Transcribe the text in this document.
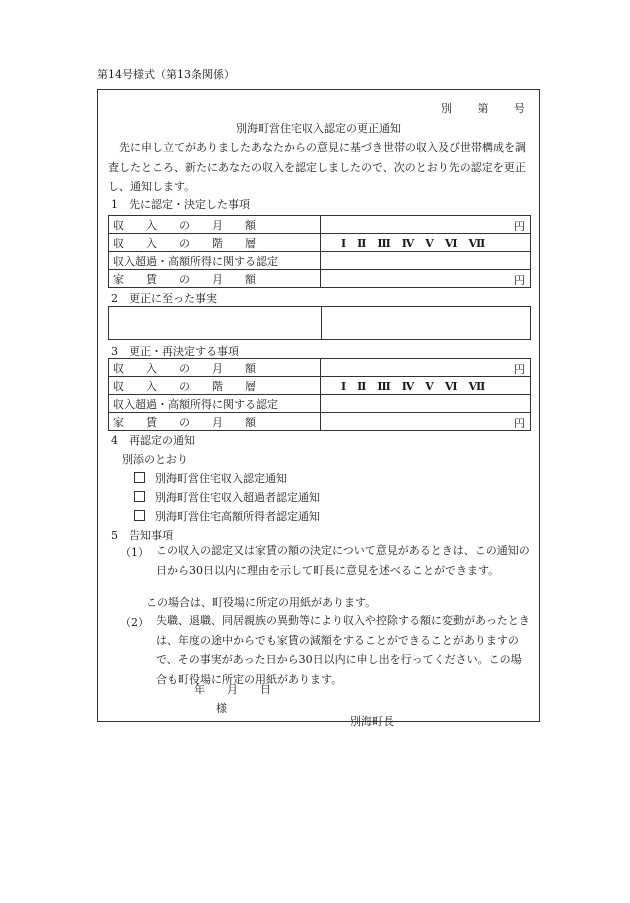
第14号様式（第13条関係）
別 第 号
別海町営住宅収入認定の更正通知
先に申し立てがありましたあなたからの意見に基づき世帯の収入及び世帯構成を調査したところ、新たにあなたの収入を認定しましたので、次のとおり先の認定を更正し、通知します。
1　先に認定・決定した事項
収　　入　　の　　月　　額	円

収　　入　　の　　階　　層	Ⅰ　Ⅱ　Ⅲ　Ⅳ　Ⅴ　Ⅵ　Ⅶ

収入超過・高額所得に関する認定	
家　　賃　　の　　月　　額	円
2　更正に至った事実
3　更正・再決定する事項
収　　入　　の　　月　　額	円

収　　入　　の　　階　　層	Ⅰ　Ⅱ　Ⅲ　Ⅳ　Ⅴ　Ⅵ　Ⅶ

収入超過・高額所得に関する認定	
家　　賃　　の　　月　　額	円
4　再認定の通知
別添のとおり
別海町営住宅収入認定通知
別海町営住宅収入超過者認定通知
別海町営住宅高額所得者認定通知
5　告知事項
（1） この収入の認定又は家賃の額の決定について意見があるときは、この通知の日から30日以内に理由を示して町長に意見を述べることができます。
この場合は、町役場に所定の用紙があります。
（2） 失職、退職、同居親族の異動等により収入や控除する額に変動があったときは、年度の途中からでも家賃の減額をすることができることがありますので、その事実があった日から30日以内に申し出を行ってください。この場合も町役場に所定の用紙があります。
年　　月　　日
様
別海町長
